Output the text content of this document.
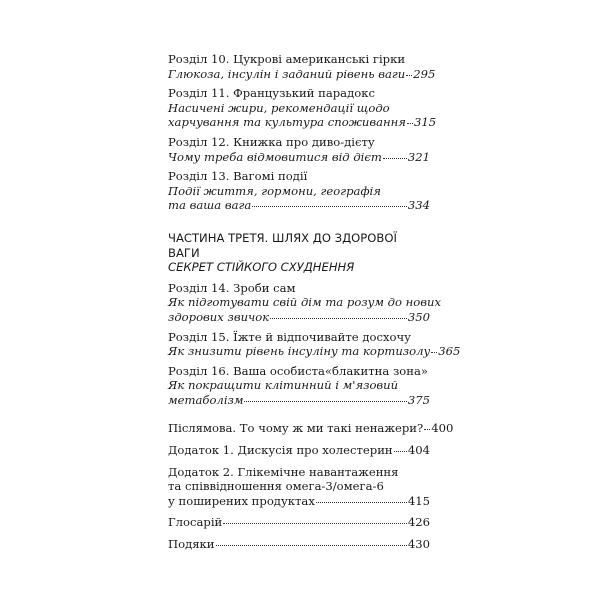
Розділ 10. Цукрові американські гірки
Глюкоза, інсулін і заданий рівень ваги 295
Розділ 11. Французький парадокс
Насичені жири, рекомендації щодо
харчування та культура споживання 315
Розділ 12. Книжка про диво-дієту
Чому треба відмовитися від дієт 321
Розділ 13. Вагомі події
Події життя, гормони, географія
та ваша вага	334
ЧАСТИНА ТРЕТЯ. ШЛЯХ ДО ЗДОРОВОЇ ВАГИ
СЕКРЕТ СТІЙКОГО СХУДНЕННЯ
Розділ 14. Зроби сам
Як підготувати свій дім та розум до нових
здорових звичок	350
Розділ 15. Їжте й відпочивайте досхочу
Як знизити рівень інсуліну та кортизолу 365
Розділ 16. Ваша особиста«блакитна зона»
Як покращити клітинний і м'язовий
метаболізм	375
Післямова. То чому ж ми такі ненажери? 400
Додаток 1. Дискусія про холестерин 404
Додаток 2. Глікемічне навантаження
та співвідношення омега-3/омега-6
у поширених продуктах	415
Глосарій	426
Подяки	430
